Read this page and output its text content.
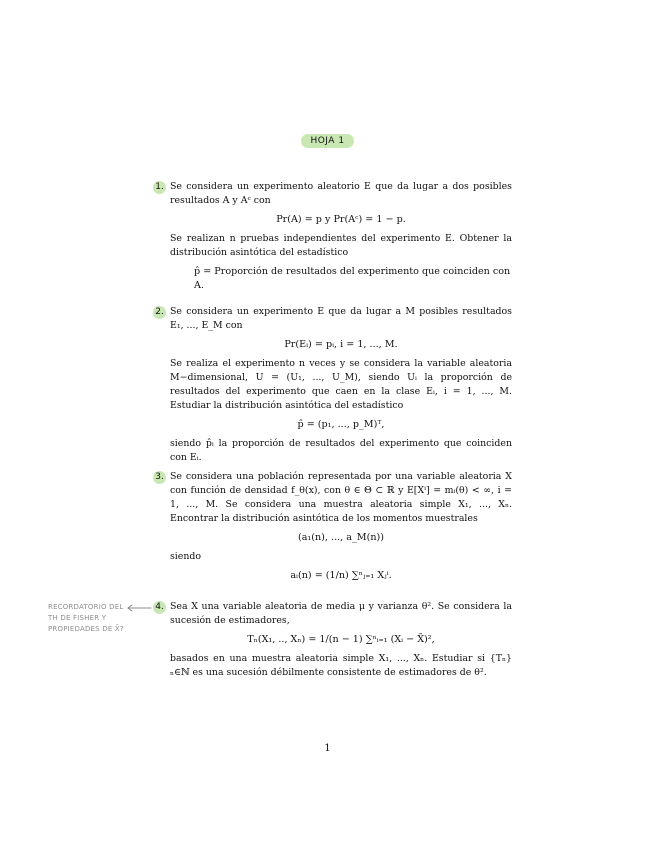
HOJA 1
1. Se considera un experimento aleatorio E que da lugar a dos posibles resultados A y Aᶜ con

Pr(A) = p y Pr(Aᶜ) = 1 − p.

Se realizan n pruebas independientes del experimento E. Obtener la distribución asintótica del estadístico

p̂ = Proporción de resultados del experimento que coinciden con A.
2. Se considera un experimento E que da lugar a M posibles resultados E₁, ..., E_M con

Pr(Eᵢ) = pᵢ, i = 1, ..., M.

Se realiza el experimento n veces y se considera la variable aleatoria M−dimensional, U = (U₁, ..., U_M), siendo Uᵢ la proporción de resultados del experimento que caen en la clase Eᵢ, i = 1, ..., M. Estudiar la distribución asintótica del estadístico

p̂ = (p₁, ..., p_M)ᵀ,

siendo p̂ᵢ la proporción de resultados del experimento que coinciden con Eᵢ.

3. Se considera una población representada por una variable aleatoria X con función de densidad f_θ(x), con θ ∈ Θ ⊂ ℝ y E[Xⁱ] = mᵢ(θ) < ∞, i = 1, ..., M. Se considera una muestra aleatoria simple X₁, ..., Xₙ. Encontrar la distribución asintótica de los momentos muestrales

(a₁(n), ..., a_M(n))

siendo

aᵢ(n) = (1/n) ∑ⁿⱼ₌₁ Xⱼⁱ.
RECORDATORIO DEL TH DE FISHER Y PROPIEDADES DE X̄?
4. Sea X una variable aleatoria de media μ y varianza θ². Se considera la sucesión de estimadores,

Tₙ(X₁, .., Xₙ) = 1/(n − 1) ∑ⁿᵢ₌₁ (Xᵢ − X̄)²,

basados en una muestra aleatoria simple X₁, ..., Xₙ. Estudiar si {Tₙ}ₙ∈ℕ es una sucesión débilmente consistente de estimadores de θ².

1
